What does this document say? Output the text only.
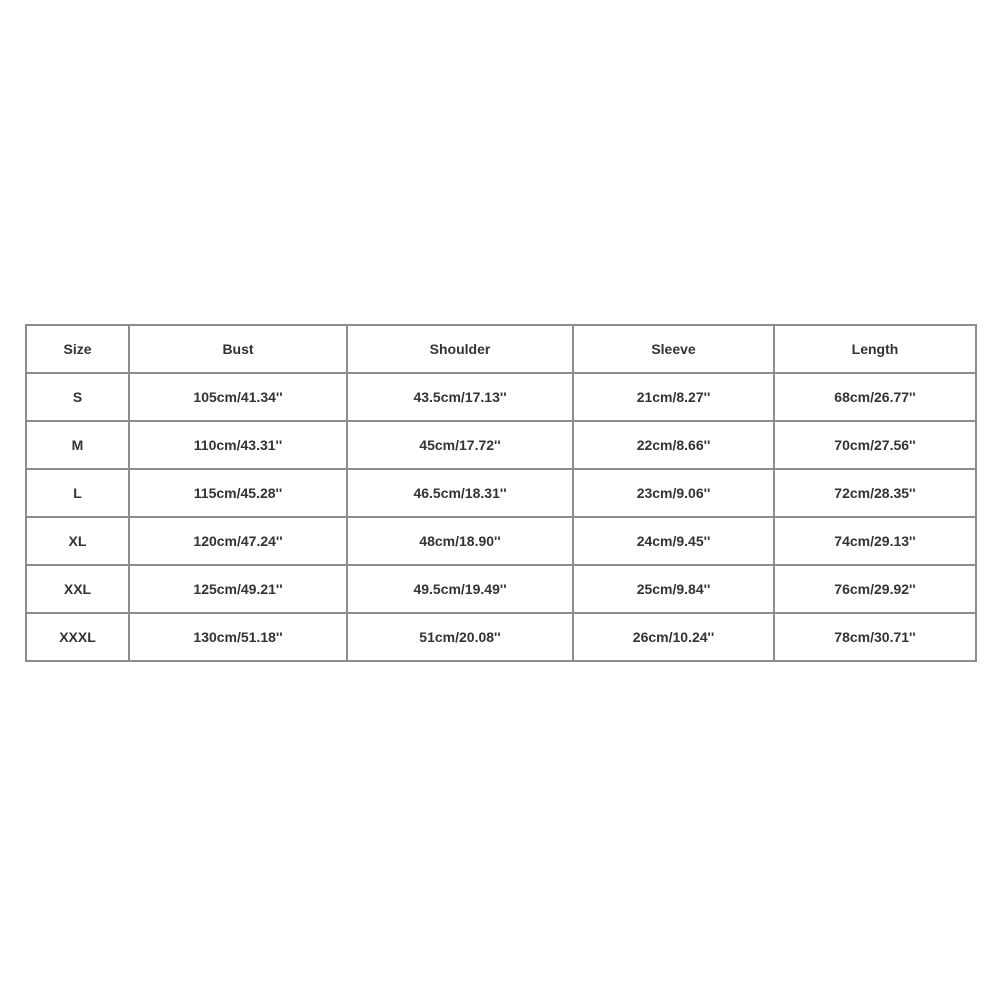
Size	Bust	Shoulder	Sleeve	Length
S	105cm/41.34''	43.5cm/17.13''	21cm/8.27''	68cm/26.77''
M	110cm/43.31''	45cm/17.72''	22cm/8.66''	70cm/27.56''
L	115cm/45.28''	46.5cm/18.31''	23cm/9.06''	72cm/28.35''
XL	120cm/47.24''	48cm/18.90''	24cm/9.45''	74cm/29.13''
XXL	125cm/49.21''	49.5cm/19.49''	25cm/9.84''	76cm/29.92''
XXXL	130cm/51.18''	51cm/20.08''	26cm/10.24''	78cm/30.71''
